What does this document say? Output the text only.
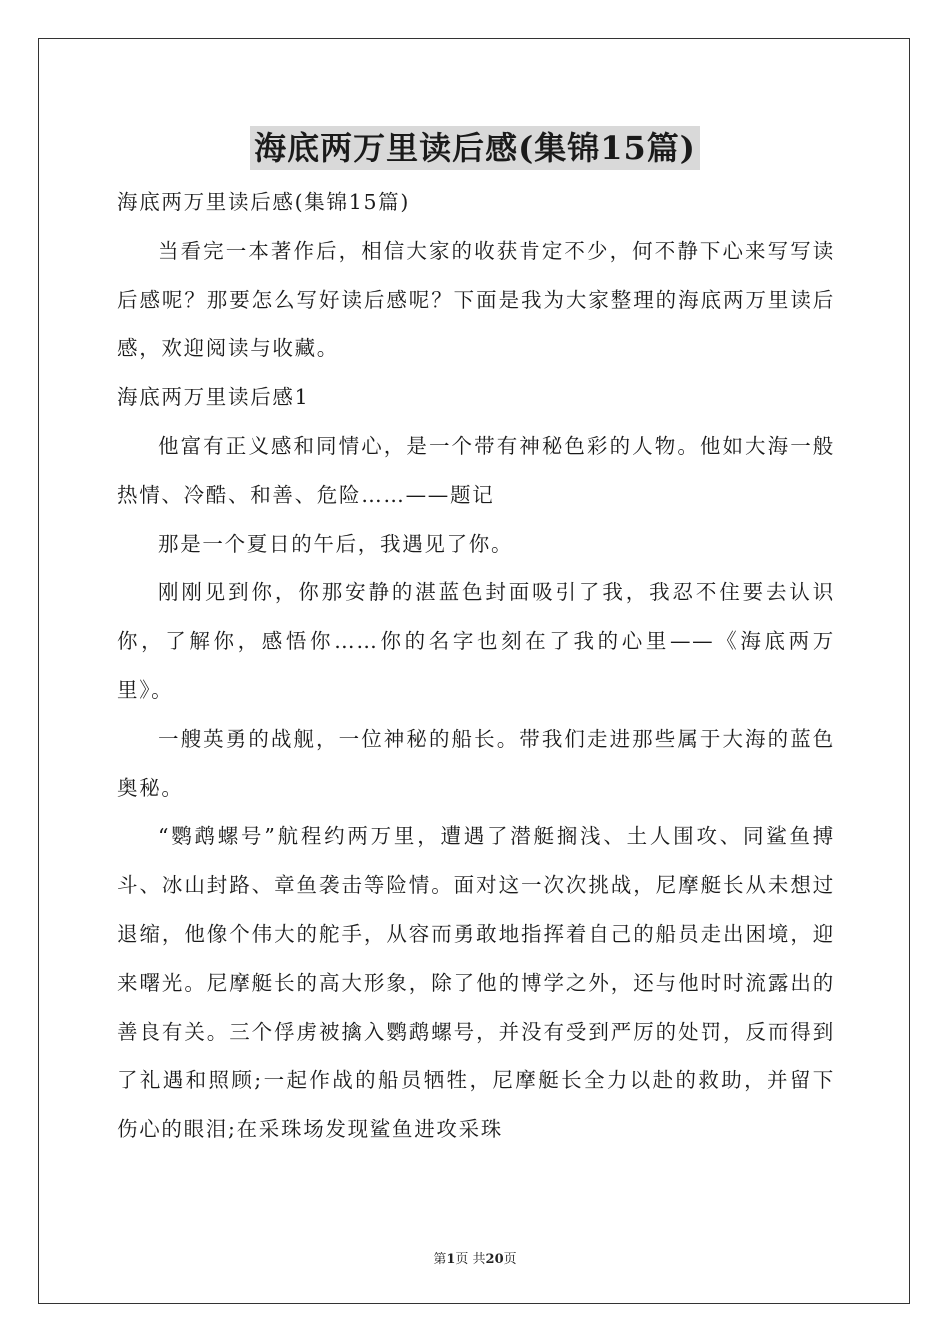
海底两万里读后感(集锦15篇)

海底两万里读后感(集锦15篇)

当看完一本著作后，相信大家的收获肯定不少，何不静下心来写写读后感呢？那要怎么写好读后感呢？下面是我为大家整理的海底两万里读后感，欢迎阅读与收藏。

海底两万里读后感1

他富有正义感和同情心，是一个带有神秘色彩的人物。他如大海一般热情、冷酷、和善、危险……——题记

那是一个夏日的午后，我遇见了你。

刚刚见到你，你那安静的湛蓝色封面吸引了我，我忍不住要去认识你，了解你，感悟你……你的名字也刻在了我的心里——《海底两万里》。

一艘英勇的战舰，一位神秘的船长。带我们走进那些属于大海的蓝色奥秘。

“鹦鹉螺号”航程约两万里，遭遇了潜艇搁浅、土人围攻、同鲨鱼搏斗、冰山封路、章鱼袭击等险情。面对这一次次挑战，尼摩艇长从未想过退缩，他像个伟大的舵手，从容而勇敢地指挥着自己的船员走出困境，迎来曙光。尼摩艇长的高大形象，除了他的博学之外，还与他时时流露出的善良有关。三个俘虏被擒入鹦鹉螺号，并没有受到严厉的处罚，反而得到了礼遇和照顾;一起作战的船员牺牲，尼摩艇长全力以赴的救助，并留下伤心的眼泪;在采珠场发现鲨鱼进攻采珠

第1页 共20页
